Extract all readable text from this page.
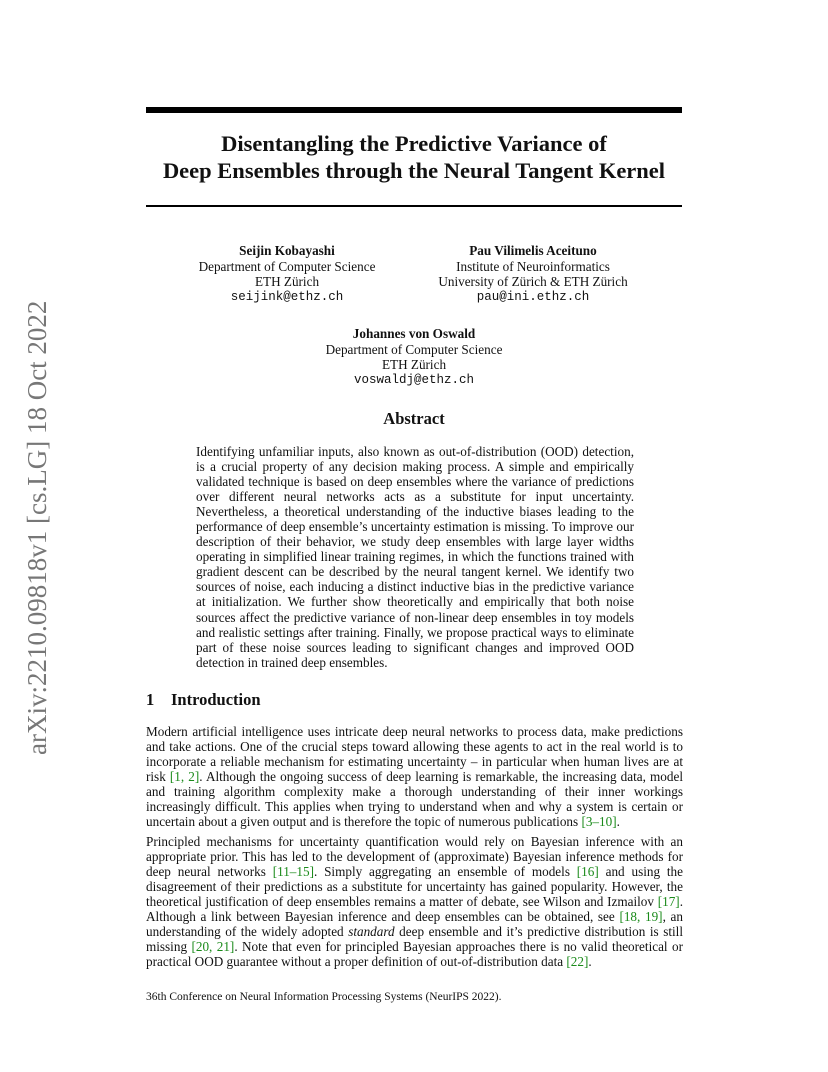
arXiv:2210.09818v1 [cs.LG] 18 Oct 2022
Disentangling the Predictive Variance of
Deep Ensembles through the Neural Tangent Kernel
Seijin Kobayashi
Department of Computer Science
ETH Zürich
seijink@ethz.ch
Pau Vilimelis Aceituno
Institute of Neuroinformatics
University of Zürich & ETH Zürich
pau@ini.ethz.ch
Johannes von Oswald
Department of Computer Science
ETH Zürich
voswaldj@ethz.ch
Abstract
Identifying unfamiliar inputs, also known as out-of-distribution (OOD) detection, is a crucial property of any decision making process. A simple and empirically validated technique is based on deep ensembles where the variance of predictions over different neural networks acts as a substitute for input uncertainty. Nevertheless, a theoretical understanding of the inductive biases leading to the performance of deep ensemble’s uncertainty estimation is missing. To improve our description of their behavior, we study deep ensembles with large layer widths operating in simplified linear training regimes, in which the functions trained with gradient descent can be described by the neural tangent kernel. We identify two sources of noise, each inducing a distinct inductive bias in the predictive variance at initialization. We further show theoretically and empirically that both noise sources affect the predictive variance of non-linear deep ensembles in toy models and realistic settings after training. Finally, we propose practical ways to eliminate part of these noise sources leading to significant changes and improved OOD detection in trained deep ensembles.
1 Introduction
Modern artificial intelligence uses intricate deep neural networks to process data, make predictions and take actions. One of the crucial steps toward allowing these agents to act in the real world is to incorporate a reliable mechanism for estimating uncertainty – in particular when human lives are at risk [1, 2]. Although the ongoing success of deep learning is remarkable, the increasing data, model and training algorithm complexity make a thorough understanding of their inner workings increasingly difficult. This applies when trying to understand when and why a system is certain or uncertain about a given output and is therefore the topic of numerous publications [3–10].
Principled mechanisms for uncertainty quantification would rely on Bayesian inference with an appropriate prior. This has led to the development of (approximate) Bayesian inference methods for deep neural networks [11–15]. Simply aggregating an ensemble of models [16] and using the disagreement of their predictions as a substitute for uncertainty has gained popularity. However, the theoretical justification of deep ensembles remains a matter of debate, see Wilson and Izmailov [17]. Although a link between Bayesian inference and deep ensembles can be obtained, see [18, 19], an understanding of the widely adopted standard deep ensemble and it’s predictive distribution is still missing [20, 21]. Note that even for principled Bayesian approaches there is no valid theoretical or practical OOD guarantee without a proper definition of out-of-distribution data [22].
36th Conference on Neural Information Processing Systems (NeurIPS 2022).
